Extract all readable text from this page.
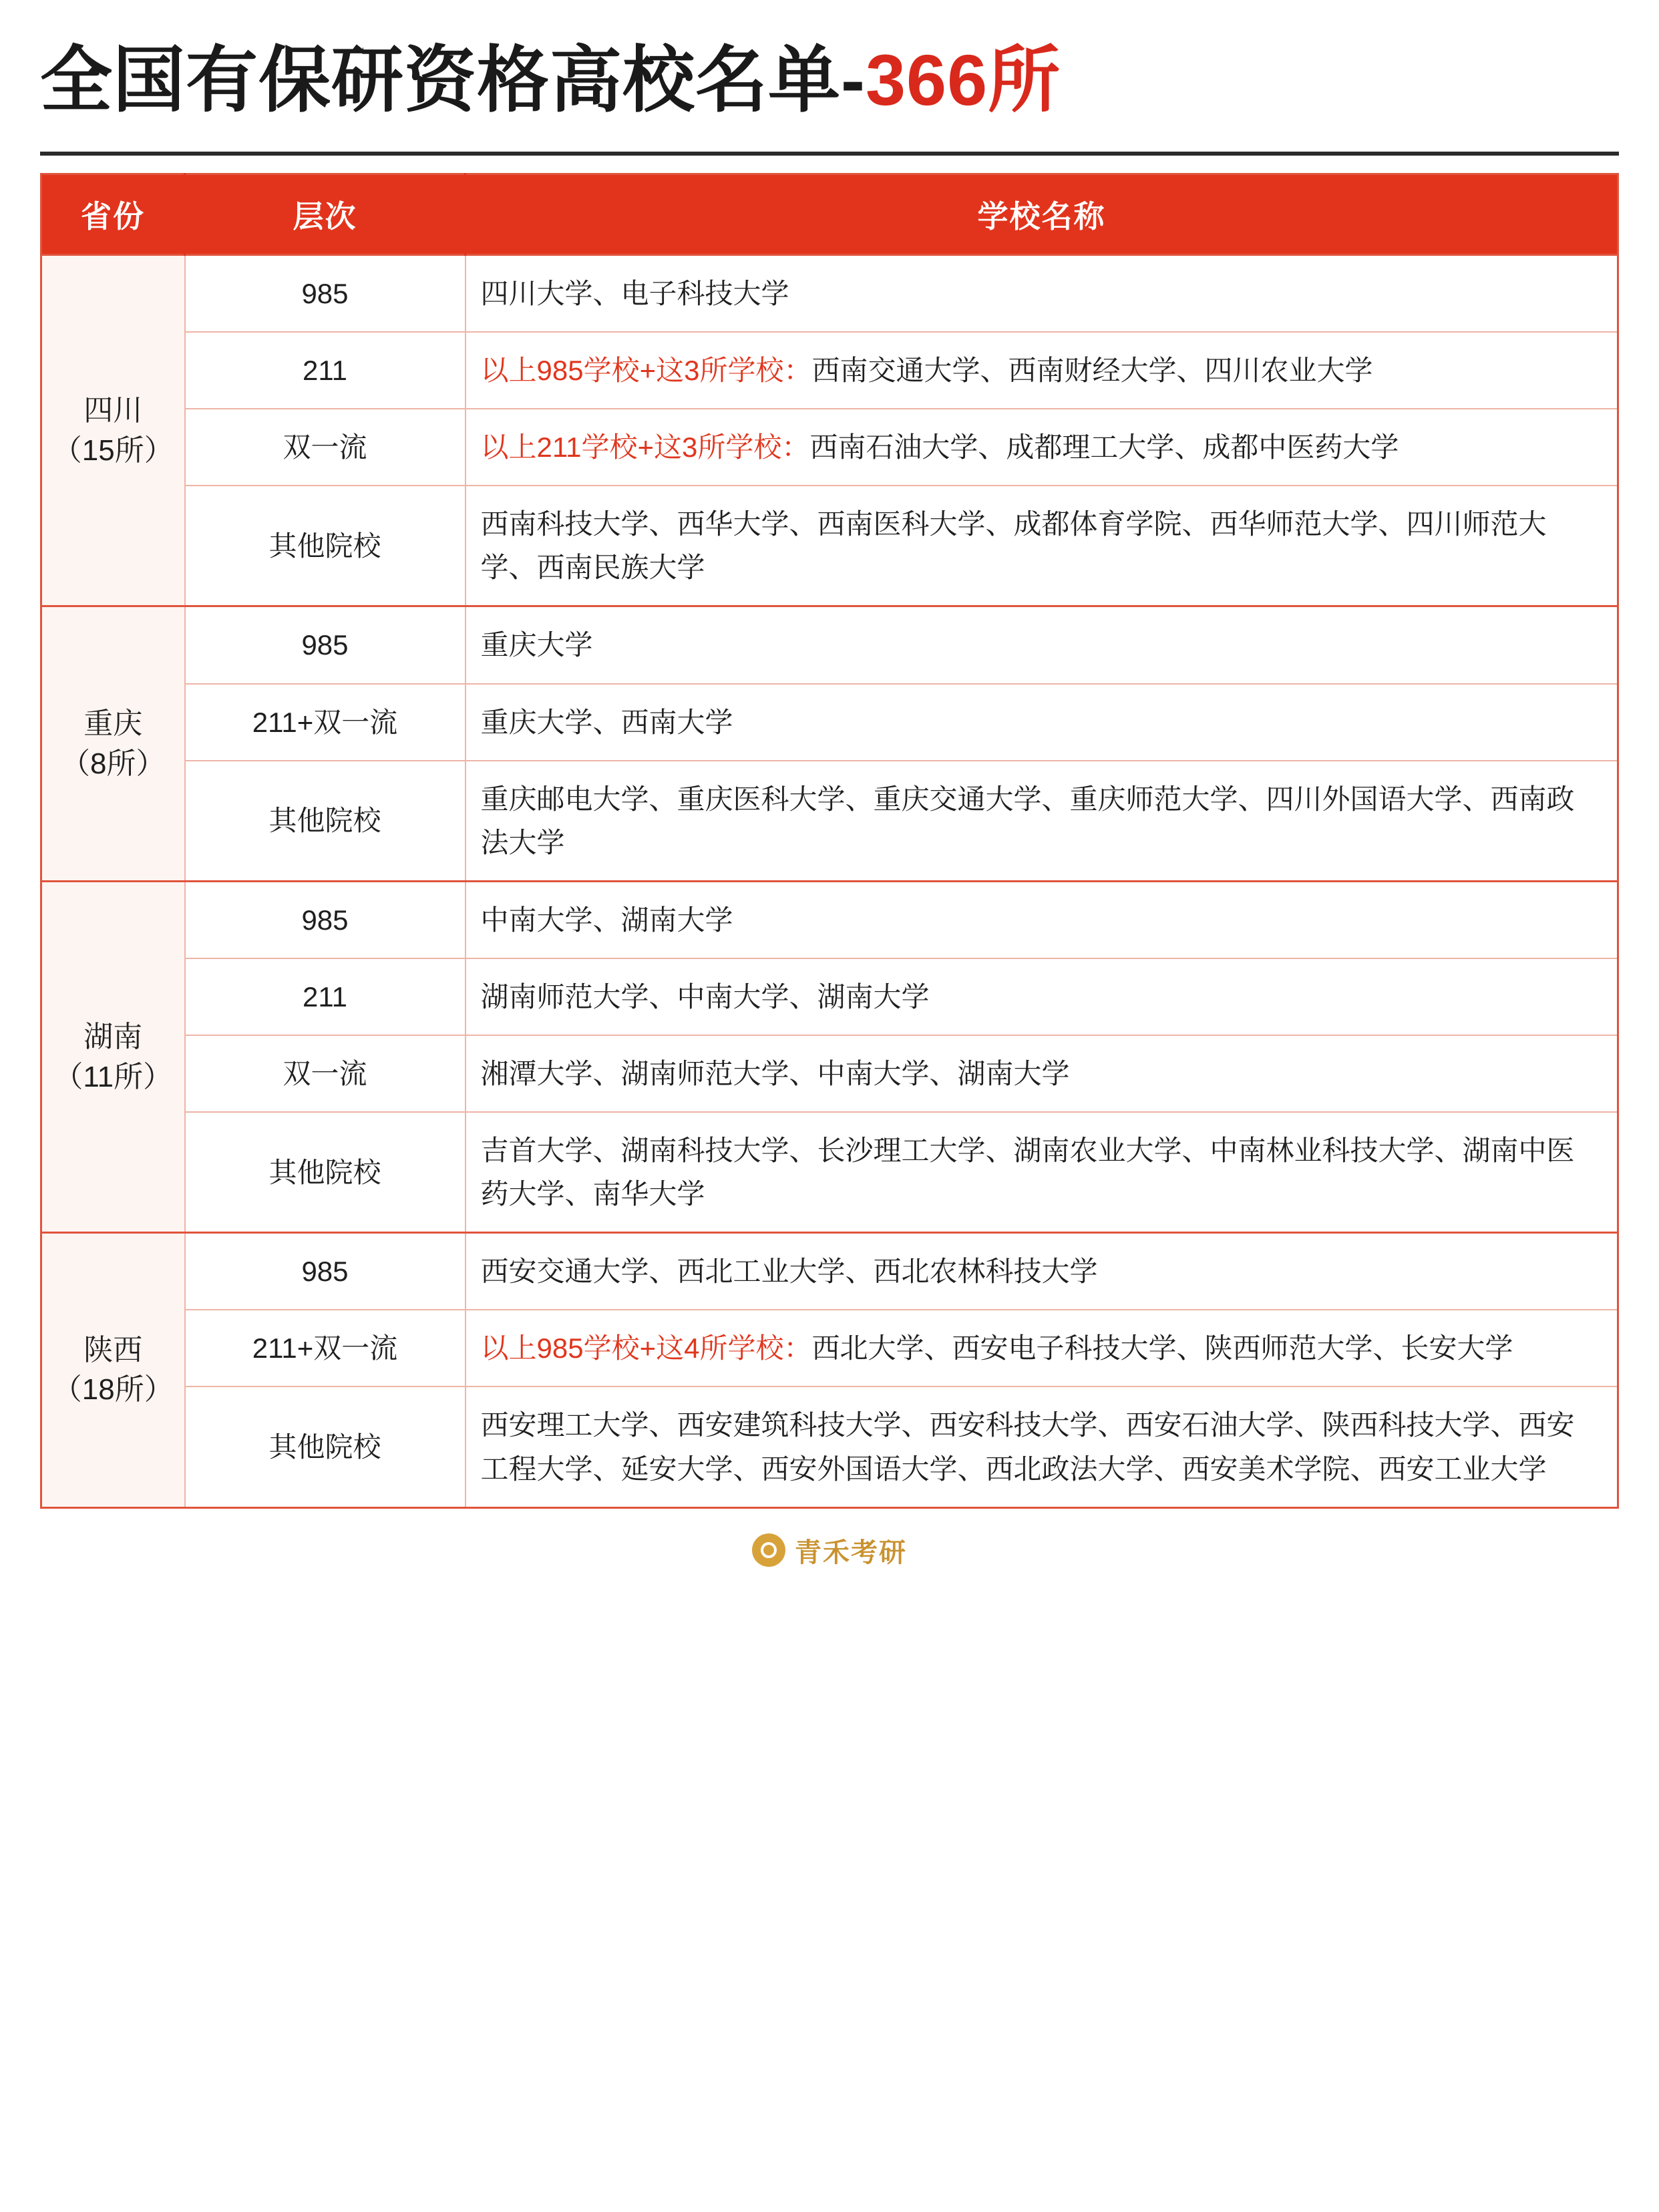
全国有保研资格高校名单-366所
省份	层次	学校名称

四川
（15所）	985	四川大学、电子科技大学
	211	以上985学校+这3所学校：西南交通大学、西南财经大学、四川农业大学
	双一流	以上211学校+这3所学校：西南石油大学、成都理工大学、成都中医药大学
	其他院校	西南科技大学、西华大学、西南医科大学、成都体育学院、西华师范大学、四川师范大学、西南民族大学

重庆
（8所）	985	重庆大学
	211+双一流	重庆大学、西南大学
	其他院校	重庆邮电大学、重庆医科大学、重庆交通大学、重庆师范大学、四川外国语大学、西南政法大学

湖南
（11所）	985	中南大学、湖南大学
	211	湖南师范大学、中南大学、湖南大学
	双一流	湘潭大学、湖南师范大学、中南大学、湖南大学
	其他院校	吉首大学、湖南科技大学、长沙理工大学、湖南农业大学、中南林业科技大学、湖南中医药大学、南华大学

陕西
（18所）	985	西安交通大学、西北工业大学、西北农林科技大学
	211+双一流	以上985学校+这4所学校：西北大学、西安电子科技大学、陕西师范大学、长安大学
	其他院校	西安理工大学、西安建筑科技大学、西安科技大学、西安石油大学、陕西科技大学、西安工程大学、延安大学、西安外国语大学、西北政法大学、西安美术学院、西安工业大学
青禾考研
